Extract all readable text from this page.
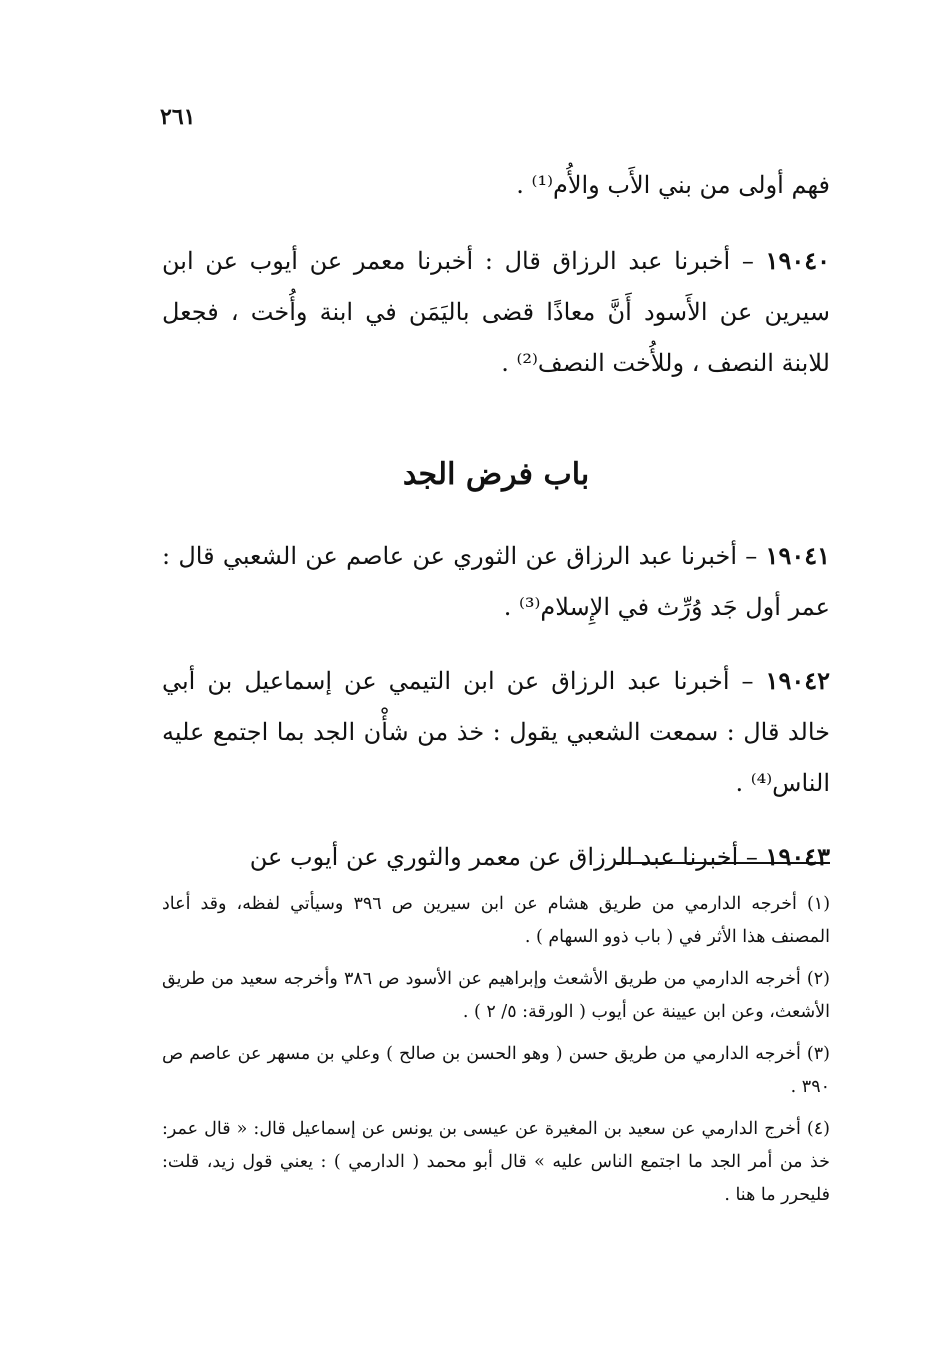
٢٦١

فهم أولى من بني الأَب والأُم⁽¹⁾ .

١٩٠٤٠ – أخبرنا عبد الرزاق قال : أخبرنا معمر عن أيوب عن ابن سيرين عن الأَسود أَنَّ معاذًا قضى باليَمَن في ابنة وأُخت ، فجعل للابنة النصف ، وللأُخت النصف⁽²⁾ .

باب فرض الجد

١٩٠٤١ – أخبرنا عبد الرزاق عن الثوري عن عاصم عن الشعبي قال : عمر أول جَد وُرِّث في الإِسلام⁽³⁾ .

١٩٠٤٢ – أخبرنا عبد الرزاق عن ابن التيمي عن إسماعيل بن أبي خالد قال : سمعت الشعبي يقول : خذ من شأْن الجد بما اجتمع عليه الناس⁽⁴⁾ .

١٩٠٤٣ – أخبرنا عبد الرزاق عن معمر والثوري عن أيوب عن

(١) أخرجه الدارمي من طريق هشام عن ابن سيرين ص ٣٩٦ وسيأتي لفظه، وقد أعاد المصنف هذا الأثر في ( باب ذوو السهام ) .

(٢) أخرجه الدارمي من طريق الأشعث وإبراهيم عن الأسود ص ٣٨٦ وأخرجه سعيد من طريق الأشعث، وعن ابن عيينة عن أيوب ( الورقة: ٥/ ٢ ) .

(٣) أخرجه الدارمي من طريق حسن ( وهو الحسن بن صالح ) وعلي بن مسهر عن عاصم ص ٣٩٠ .

(٤) أخرج الدارمي عن سعيد بن المغيرة عن عيسى بن يونس عن إسماعيل قال: « قال عمر: خذ من أمر الجد ما اجتمع الناس عليه » قال أبو محمد ( الدارمي ) : يعني قول زيد، قلت: فليحرر ما هنا .
